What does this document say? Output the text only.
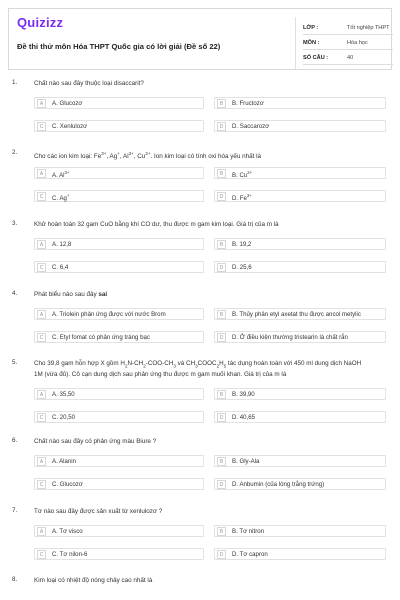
Quizizz
Đề thi thử môn Hóa THPT Quốc gia có lời giải (Đề số 22)
LỚP :	Tốt nghiệp THPT
MÔN :	Hóa học
SỐ CÂU :	40
1.	Chất nào sau đây thuộc loại disaccarit?
A	A. Glucozơ	B	B. Fructozơ
C	C. Xenlulozơ	D	D. Saccarozơ
2.
Cho các ion kim loại: $Fe^{3+}$, Ag+, $Al^{3+}$, $Cu^{2+}$. Ion kim loại có tính oxi hóa yếu nhất là
A	A. $Al^{3+}$	B	B. $Cu^{2+}$
C	C. Ag+	D	D. $Fe^{3+}$
3.	Khử hoàn toàn 32 gam CuO bằng khí CO dư, thu được m gam kim loại. Giá trị của m là
A	A. 12,8	B	B. 19,2
C	C. 6,4	D	D. 25,6
4.	Phát biểu nào sau đây sai
A	A. Triolein phản ứng được với nước Brom	B	B. Thủy phân etyl axetat thu được ancol metylic
C	C. Etyl fomat có phản ứng tráng bạc	D	D. Ở điều kiện thường tristearin là chất rắn
5.	Cho 39,8 gam hỗn hợp X gồm $H_2N-CH_2-COO-CH_3$ và $CH_3COOC_2H_5$ tác dụng hoàn toàn với 450 ml dung dịch NaOH
1M (vừa đủ). Cô cạn dung dịch sau phản ứng thu được m gam muối khan. Giá trị của m là
A	A. 35,50	B	B. 39,90
C	C. 20,50	D	D. 40,65
6.	Chất nào sau đây có phản ứng màu Biure ?
A	A. Alanin	B	B. Gly-Ala
C	C. Glucozơ	D	D. Anbumin (của lòng trắng trứng)
7.	Tơ nào sau đây được sản xuất từ xenlulozơ ?
A	A. Tơ visco	B	B. Tơ nitron
C	C. Tơ nilon-6	D	D. Tơ capron
8.	Kim loại có nhiệt độ nóng chảy cao nhất là
